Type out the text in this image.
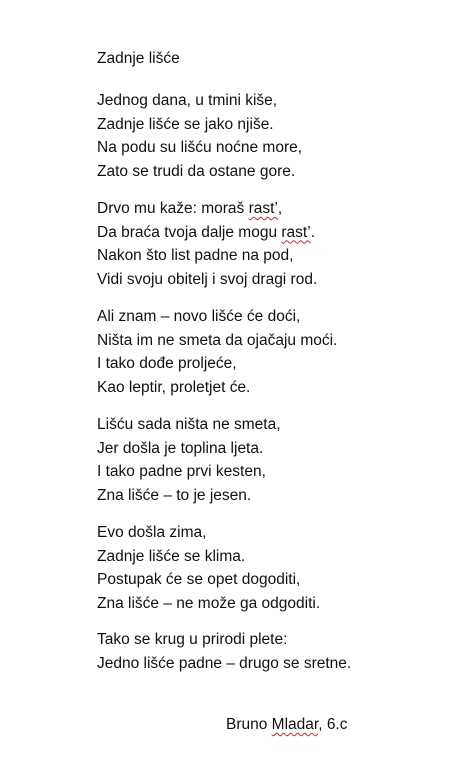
Zadnje lišće
Jednog dana, u tmini kiše,
Zadnje lišće se jako njiše.
Na podu su lišću noćne more,
Zato se trudi da ostane gore.
Drvo mu kaže: moraš rast’,
Da braća tvoja dalje mogu rast’.
Nakon što list padne na pod,
Vidi svoju obitelj i svoj dragi rod.
Ali znam – novo lišće će doći,
Ništa im ne smeta da ojačaju moći.
I tako dođe proljeće,
Kao leptir, proletjet će.
Lišću sada ništa ne smeta,
Jer došla je toplina ljeta.
I tako padne prvi kesten,
Zna lišće – to je jesen.
Evo došla zima,
Zadnje lišće se klima.
Postupak će se opet dogoditi,
Zna lišće – ne može ga odgoditi.
Tako se krug u prirodi plete:
Jedno lišće padne – drugo se sretne.
Bruno Mladar, 6.c
